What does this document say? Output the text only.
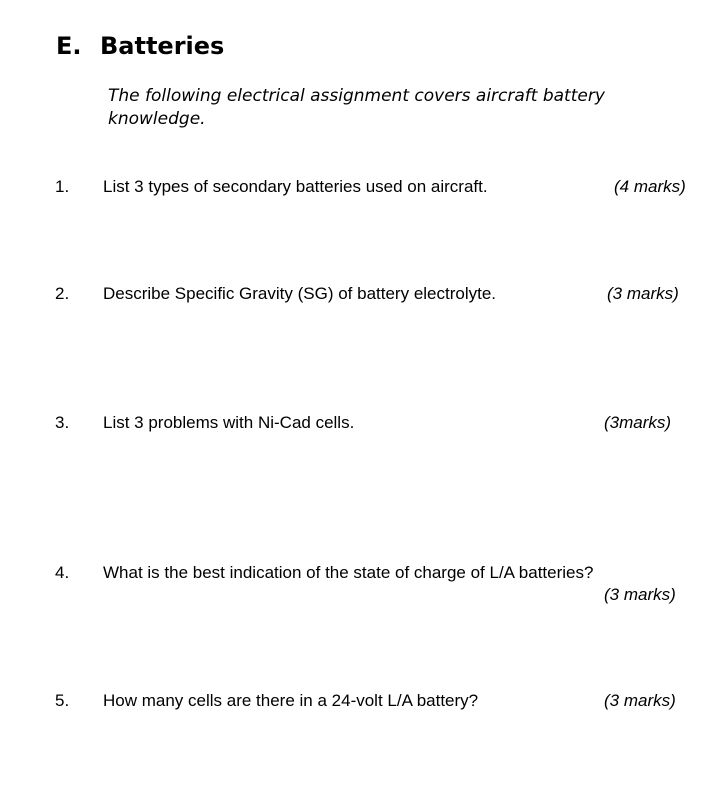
E. Batteries

The following electrical assignment covers aircraft battery knowledge.

1. List 3 types of secondary batteries used on aircraft.	(4 marks)
2. Describe Specific Gravity (SG) of battery electrolyte.	(3 marks)
3. List 3 problems with Ni-Cad cells.	(3marks)
4. What is the best indication of the state of charge of L/A batteries?
(3 marks)
5. How many cells are there in a 24-volt L/A battery?	(3 marks)
